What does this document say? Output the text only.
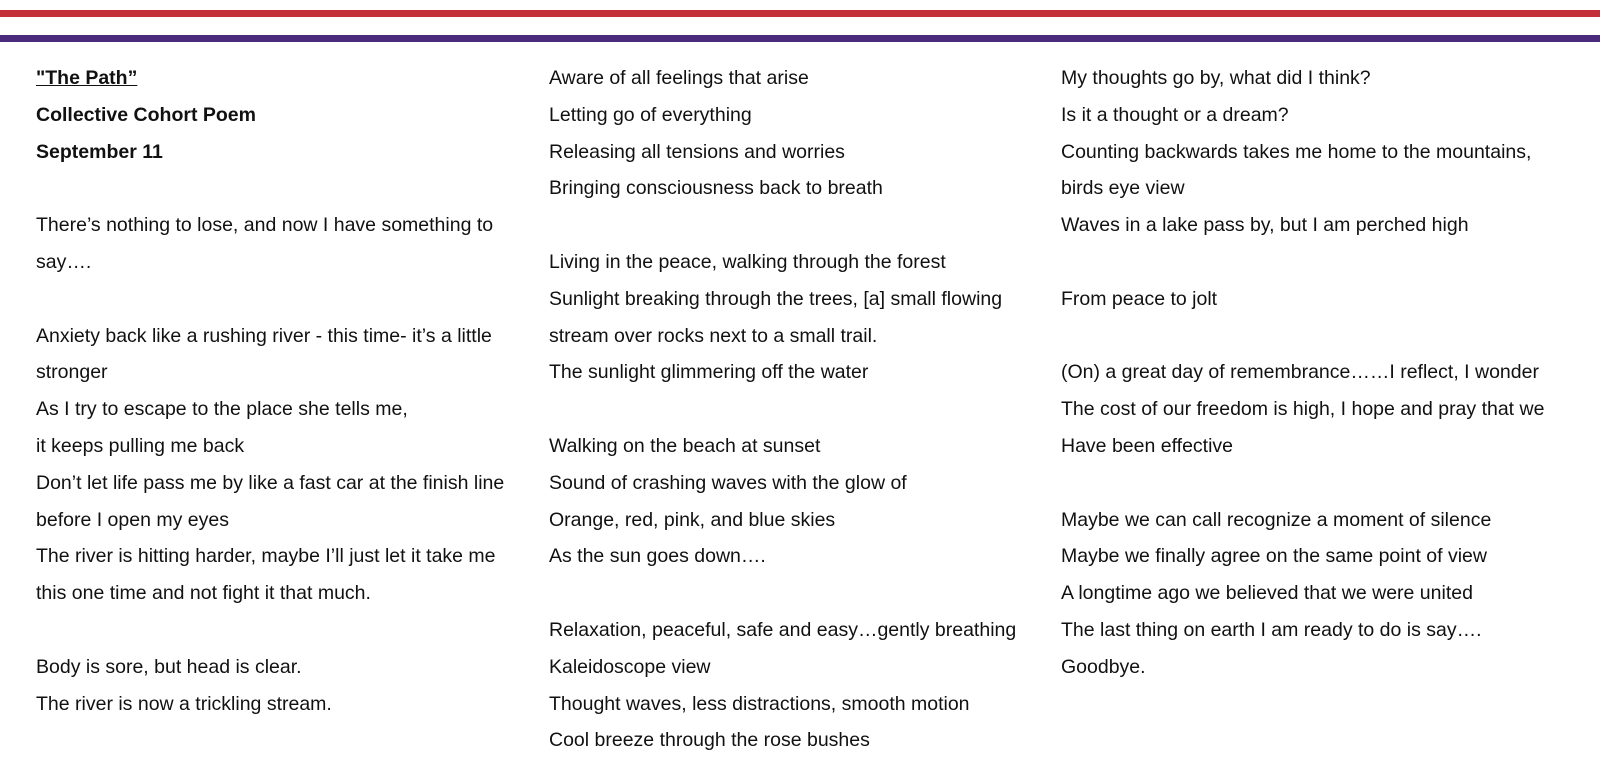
"The Path”
Collective Cohort Poem
September 11
There’s nothing to lose, and now I have something to
say….
Anxiety back like a rushing river - this time- it’s a little
stronger
As I try to escape to the place she tells me,
it keeps pulling me back
Don’t let life pass me by like a fast car at the finish line
before I open my eyes
The river is hitting harder, maybe I’ll just let it take me
this one time and not fight it that much.
Body is sore, but head is clear.
The river is now a trickling stream.
Aware of all feelings that arise
Letting go of everything
Releasing all tensions and worries
Bringing consciousness back to breath
Living in the peace, walking through the forest
Sunlight breaking through the trees, [a] small flowing
stream over rocks next to a small trail.
The sunlight glimmering off the water
Walking on the beach at sunset
Sound of crashing waves with the glow of
Orange, red, pink, and blue skies
As the sun goes down….
Relaxation, peaceful, safe and easy…gently breathing
Kaleidoscope view
Thought waves, less distractions, smooth motion
Cool breeze through the rose bushes
My thoughts go by, what did I think?
Is it a thought or a dream?
Counting backwards takes me home to the mountains,
birds eye view
Waves in a lake pass by, but I am perched high
From peace to jolt
(On) a great day of remembrance……I reflect, I wonder
The cost of our freedom is high, I hope and pray that we
Have been effective
Maybe we can call recognize a moment of silence
Maybe we finally agree on the same point of view
A longtime ago we believed that we were united
The last thing on earth I am ready to do is say….
Goodbye.
